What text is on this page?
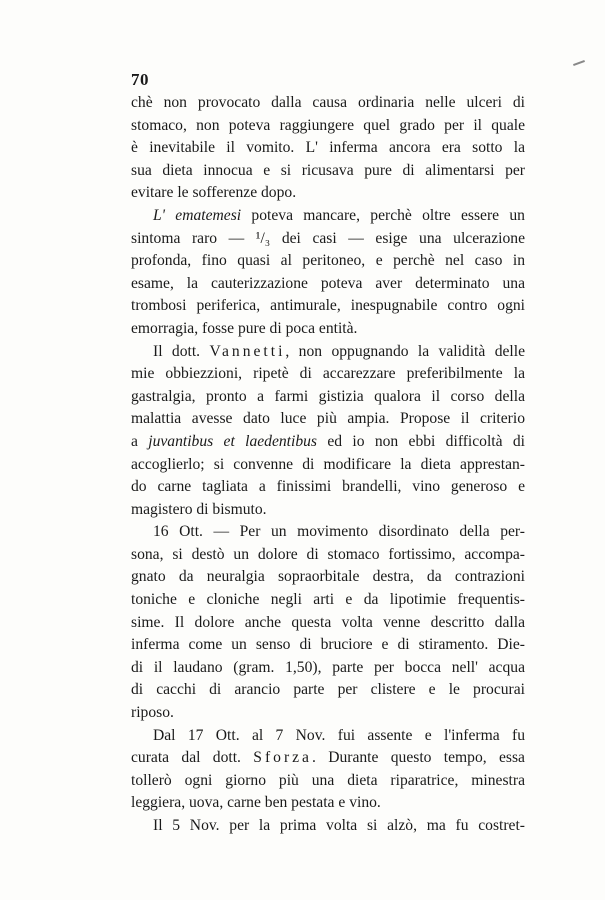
70
chè non provocato dalla causa ordinaria nelle ulceri di
stomaco, non poteva raggiungere quel grado per il quale
è inevitabile il vomito. L' inferma ancora era sotto la
sua dieta innocua e si ricusava pure di alimentarsi per
evitare le sofferenze dopo.
L' ematemesi poteva mancare, perchè oltre essere un
sintoma raro — ¹/₃ dei casi — esige una ulcerazione
profonda, fino quasi al peritoneo, e perchè nel caso in
esame, la cauterizzazione poteva aver determinato una
trombosi periferica, antimurale, inespugnabile contro ogni
emorragia, fosse pure di poca entità.
Il dott. Vannetti, non oppugnando la validità delle
mie obbiezzioni, ripetè di accarezzare preferibilmente la
gastralgia, pronto a farmi gistizia qualora il corso della
malattia avesse dato luce più ampia. Propose il criterio
a juvantibus et laedentibus ed io non ebbi difficoltà di
accoglierlo; si convenne di modificare la dieta apprestan-
do carne tagliata a finissimi brandelli, vino generoso e
magistero di bismuto.
16 Ott. — Per un movimento disordinato della per-
sona, si destò un dolore di stomaco fortissimo, accompa-
gnato da neuralgia sopraorbitale destra, da contrazioni
toniche e cloniche negli arti e da lipotimie frequentis-
sime. Il dolore anche questa volta venne descritto dalla
inferma come un senso di bruciore e di stiramento. Die-
di il laudano (gram. 1,50), parte per bocca nell' acqua
di cacchi di arancio parte per clistere e le procurai
riposo.
Dal 17 Ott. al 7 Nov. fui assente e l'inferma fu
curata dal dott. Sforza. Durante questo tempo, essa
tollerò ogni giorno più una dieta riparatrice, minestra
leggiera, uova, carne ben pestata e vino.
Il 5 Nov. per la prima volta si alzò, ma fu costret-
